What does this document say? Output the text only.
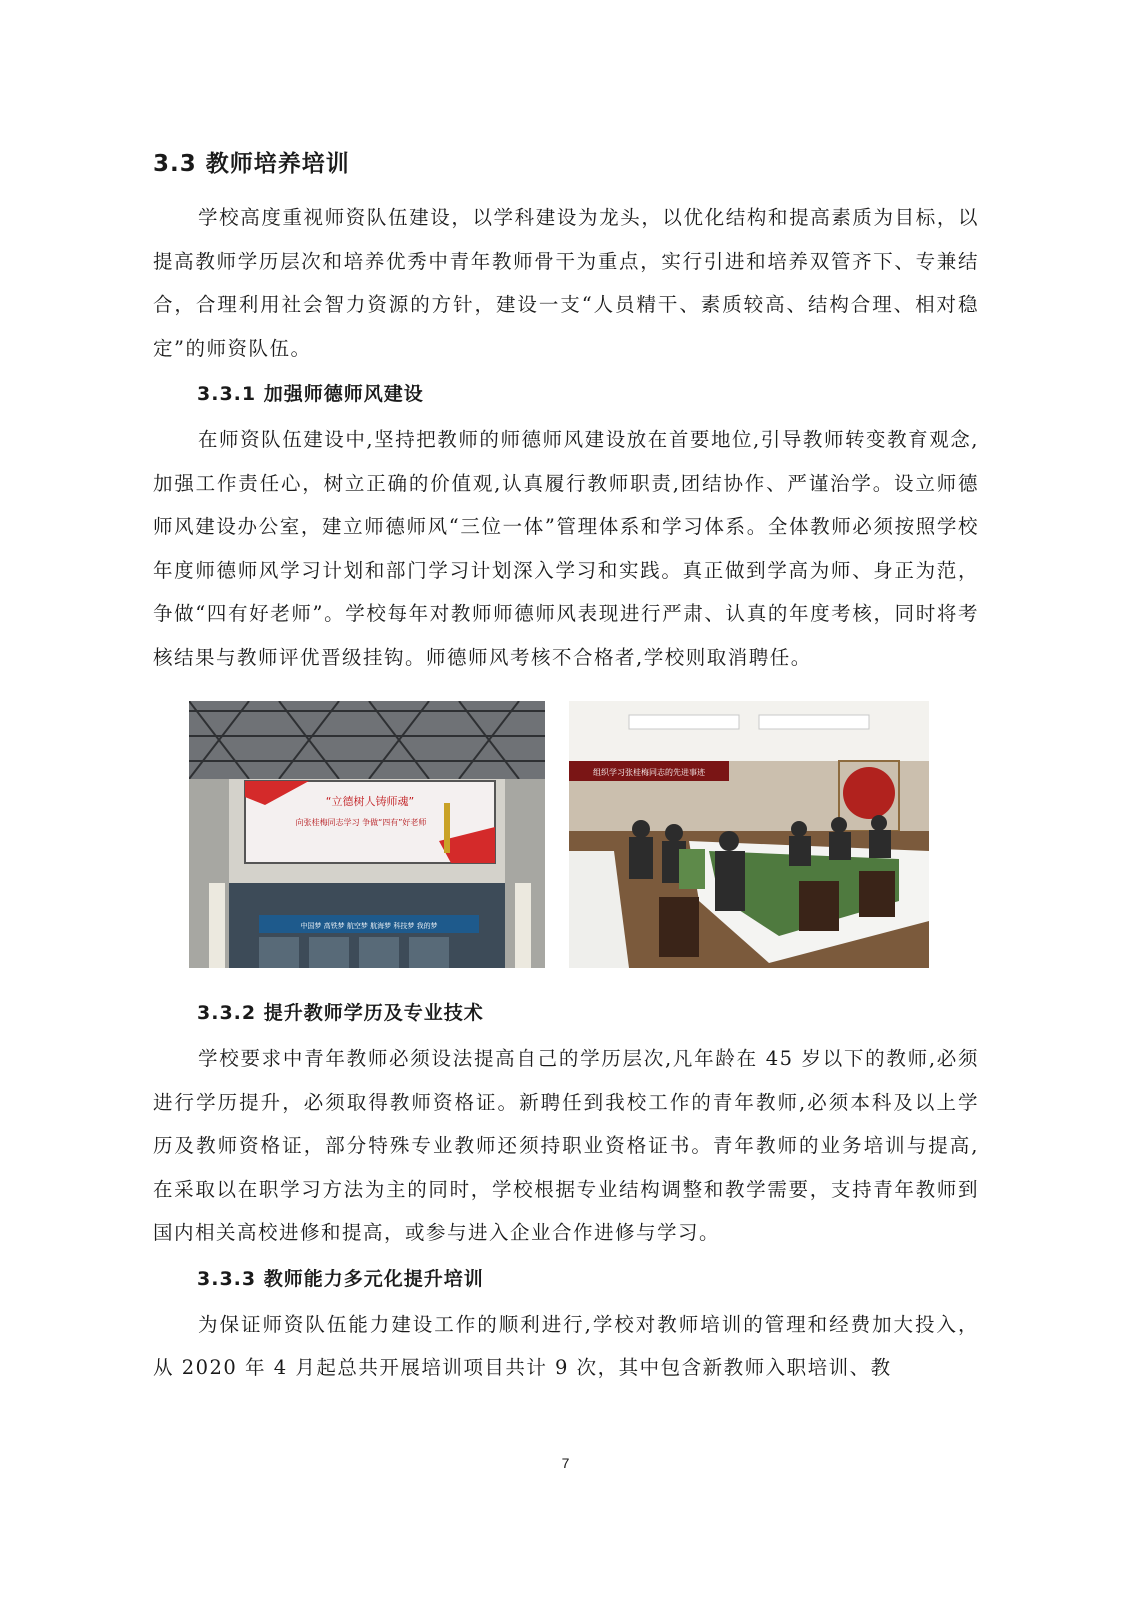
3.3 教师培养培训
学校高度重视师资队伍建设，以学科建设为龙头，以优化结构和提高素质为目标，以提高教师学历层次和培养优秀中青年教师骨干为重点，实行引进和培养双管齐下、专兼结合，合理利用社会智力资源的方针，建设一支“人员精干、素质较高、结构合理、相对稳定”的师资队伍。
3.3.1 加强师德师风建设
在师资队伍建设中,坚持把教师的师德师风建设放在首要地位,引导教师转变教育观念,加强工作责任心，树立正确的价值观,认真履行教师职责,团结协作、严谨治学。设立师德师风建设办公室，建立师德师风“三位一体”管理体系和学习体系。全体教师必须按照学校年度师德师风学习计划和部门学习计划深入学习和实践。真正做到学高为师、身正为范，争做“四有好老师”。学校每年对教师师德师风表现进行严肃、认真的年度考核，同时将考核结果与教师评优晋级挂钩。师德师风考核不合格者,学校则取消聘任。
“立德树人铸师魂”
向张桂梅同志学习 争做“四有”好老师
中国梦 高铁梦 航空梦 航海梦 科技梦 我的梦
组织学习张桂梅同志的先进事迹
3.3.2 提升教师学历及专业技术
学校要求中青年教师必须设法提高自己的学历层次,凡年龄在 45 岁以下的教师,必须进行学历提升，必须取得教师资格证。新聘任到我校工作的青年教师,必须本科及以上学历及教师资格证，部分特殊专业教师还须持职业资格证书。青年教师的业务培训与提高,在采取以在职学习方法为主的同时，学校根据专业结构调整和教学需要，支持青年教师到国内相关高校进修和提高，或参与进入企业合作进修与学习。
3.3.3 教师能力多元化提升培训
为保证师资队伍能力建设工作的顺利进行,学校对教师培训的管理和经费加大投入，从 2020 年 4 月起总共开展培训项目共计 9 次，其中包含新教师入职培训、教
7
